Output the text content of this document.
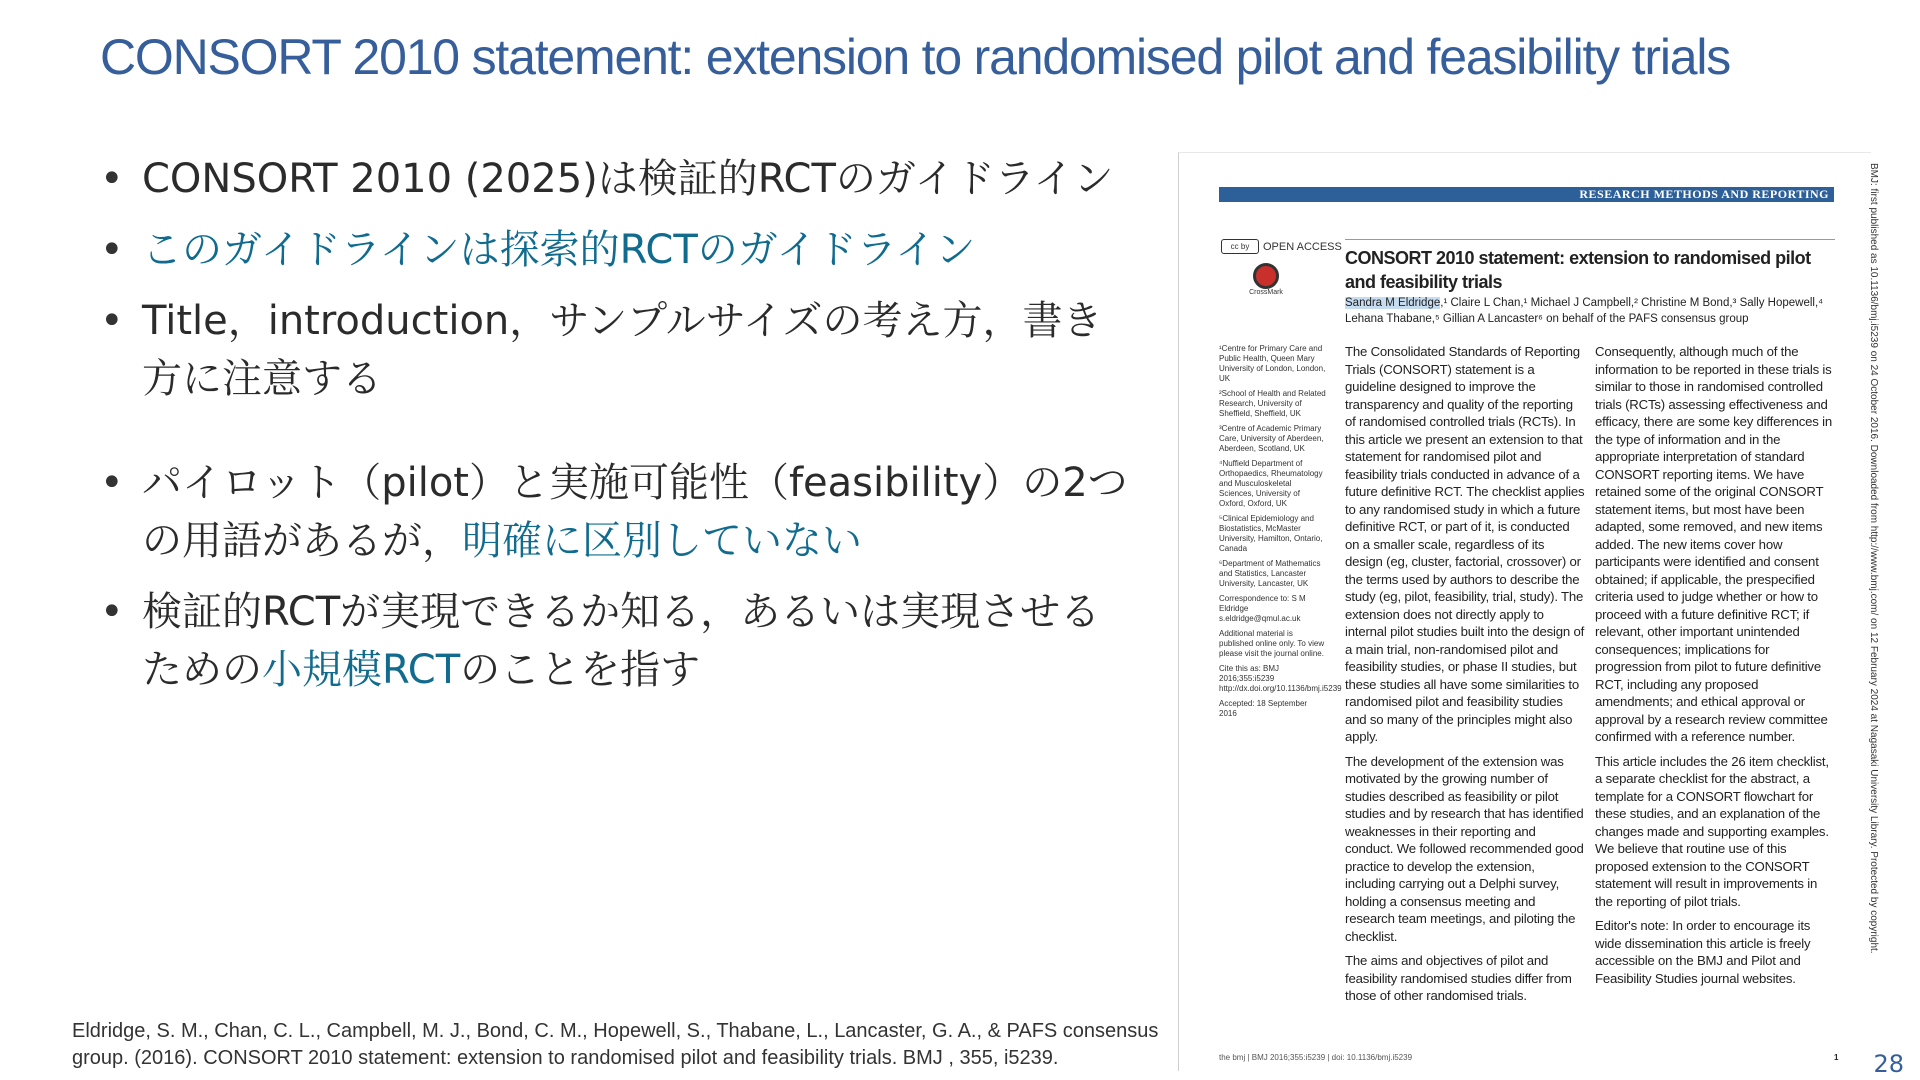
CONSORT 2010 statement: extension to randomised pilot and feasibility trials
• CONSORT 2010 (2025)は検証的RCTのガイドライン
• このガイドラインは探索的RCTのガイドライン
• Title，introduction，サンプルサイズの考え方，書き方に注意する
• パイロット（pilot）と実施可能性（feasibility）の2つの用語があるが，明確に区別していない
• 検証的RCTが実現できるか知る，あるいは実現させるための小規模RCTのことを指す
Eldridge, S. M., Chan, C. L., Campbell, M. J., Bond, C. M., Hopewell, S., Thabane, L., Lancaster, G. A., & PAFS consensus group. (2016). CONSORT 2010 statement: extension to randomised pilot and feasibility trials. BMJ , 355, i5239.	28
RESEARCH METHODS AND REPORTING
cc by	OPEN ACCESS
CrossMark
CONSORT 2010 statement: extension to randomised pilot and feasibility trials
Sandra M Eldridge,¹ Claire L Chan,¹ Michael J Campbell,² Christine M Bond,³ Sally Hopewell,⁴ Lehana Thabane,⁵ Gillian A Lancaster⁶ on behalf of the PAFS consensus group

¹Centre for Primary Care and Public Health, Queen Mary University of London, London, UK

²School of Health and Related Research, University of Sheffield, Sheffield, UK

³Centre of Academic Primary Care, University of Aberdeen, Aberdeen, Scotland, UK

⁴Nuffield Department of Orthopaedics, Rheumatology and Musculoskeletal Sciences, University of Oxford, Oxford, UK

⁵Clinical Epidemiology and Biostatistics, McMaster University, Hamilton, Ontario, Canada

⁶Department of Mathematics and Statistics, Lancaster University, Lancaster, UK

Correspondence to: S M Eldridge s.eldridge@qmul.ac.uk

Additional material is published online only. To view please visit the journal online.

Cite this as: BMJ 2016;355:i5239 http://dx.doi.org/10.1136/bmj.i5239

Accepted: 18 September 2016

The Consolidated Standards of Reporting Trials (CONSORT) statement is a guideline designed to improve the transparency and quality of the reporting of randomised controlled trials (RCTs). In this article we present an extension to that statement for randomised pilot and feasibility trials conducted in advance of a future definitive RCT. The checklist applies to any randomised study in which a future definitive RCT, or part of it, is conducted on a smaller scale, regardless of its design (eg, cluster, factorial, crossover) or the terms used by authors to describe the study (eg, pilot, feasibility, trial, study). The extension does not directly apply to internal pilot studies built into the design of a main trial, non-randomised pilot and feasibility studies, or phase II studies, but these studies all have some similarities to randomised pilot and feasibility studies and so many of the principles might also apply.

The development of the extension was motivated by the growing number of studies described as feasibility or pilot studies and by research that has identified weaknesses in their reporting and conduct. We followed recommended good practice to develop the extension, including carrying out a Delphi survey, holding a consensus meeting and research team meetings, and piloting the checklist.

The aims and objectives of pilot and feasibility randomised studies differ from those of other randomised trials.

Consequently, although much of the information to be reported in these trials is similar to those in randomised controlled trials (RCTs) assessing effectiveness and efficacy, there are some key differences in the type of information and in the appropriate interpretation of standard CONSORT reporting items. We have retained some of the original CONSORT statement items, but most have been adapted, some removed, and new items added. The new items cover how participants were identified and consent obtained; if applicable, the prespecified criteria used to judge whether or how to proceed with a future definitive RCT; if relevant, other important unintended consequences; implications for progression from pilot to future definitive RCT, including any proposed amendments; and ethical approval or approval by a research review committee confirmed with a reference number.

This article includes the 26 item checklist, a separate checklist for the abstract, a template for a CONSORT flowchart for these studies, and an explanation of the changes made and supporting examples. We believe that routine use of this proposed extension to the CONSORT statement will result in improvements in the reporting of pilot trials.

Editor's note: In order to encourage its wide dissemination this article is freely accessible on the BMJ and Pilot and Feasibility Studies journal websites.

the bmj | BMJ 2016;355:i5239 | doi: 10.1136/bmj.i5239	1
BMJ: first published as 10.1136/bmj.i5239 on 24 October 2016. Downloaded from http://www.bmj.com/ on 12 February 2024 at Nagasaki University Library. Protected by copyright.
